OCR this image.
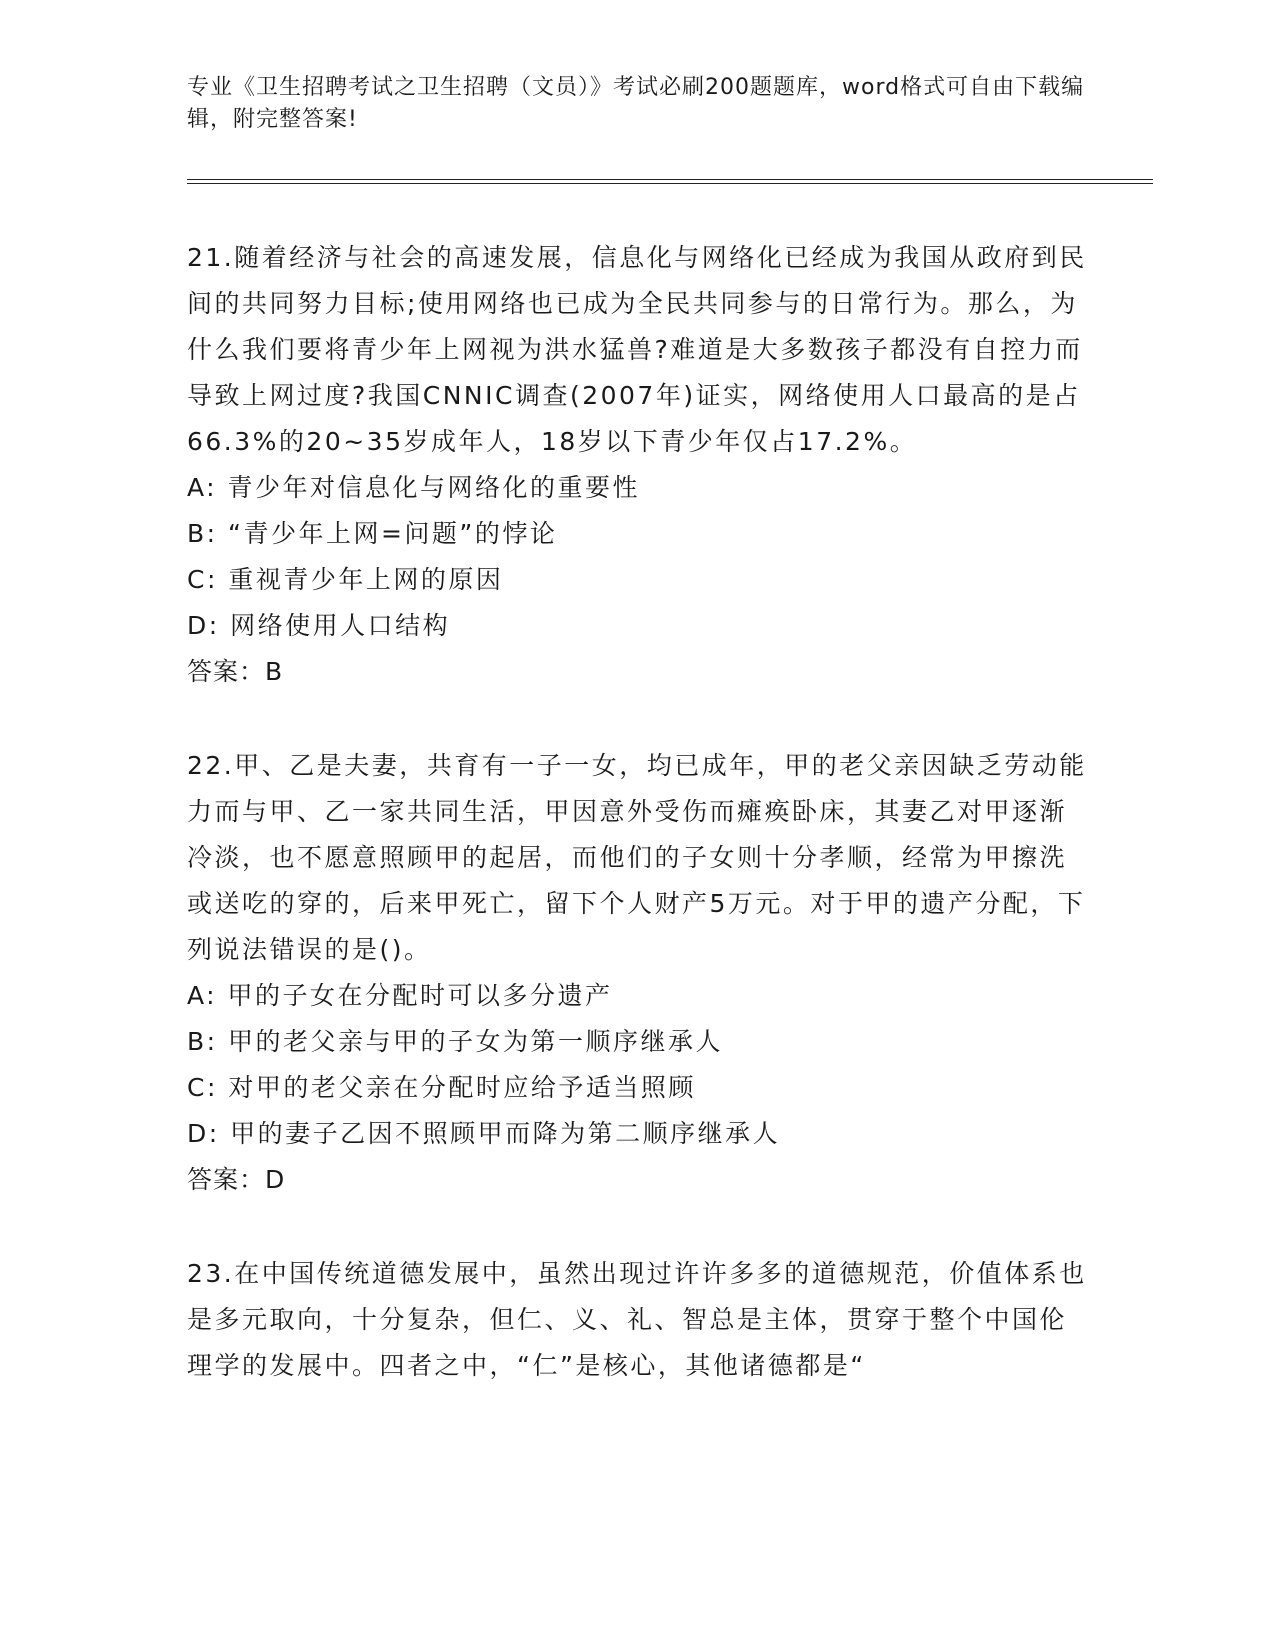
专业《卫生招聘考试之卫生招聘（文员）》考试必刷200题题库，word格式可自由下载编辑，附完整答案!

21.随着经济与社会的高速发展，信息化与网络化已经成为我国从政府到民间的共同努力目标;使用网络也已成为全民共同参与的日常行为。那么，为什么我们要将青少年上网视为洪水猛兽?难道是大多数孩子都没有自控力而导致上网过度?我国CNNIC调查(2007年)证实，网络使用人口最高的是占66.3%的20~35岁成年人，18岁以下青少年仅占17.2%。

A: 青少年对信息化与网络化的重要性

B: “青少年上网=问题”的悖论

C: 重视青少年上网的原因

D: 网络使用人口结构

答案：B

22.甲、乙是夫妻，共育有一子一女，均已成年，甲的老父亲因缺乏劳动能力而与甲、乙一家共同生活，甲因意外受伤而瘫痪卧床，其妻乙对甲逐渐冷淡，也不愿意照顾甲的起居，而他们的子女则十分孝顺，经常为甲擦洗或送吃的穿的，后来甲死亡，留下个人财产5万元。对于甲的遗产分配，下列说法错误的是()。

A: 甲的子女在分配时可以多分遗产

B: 甲的老父亲与甲的子女为第一顺序继承人

C: 对甲的老父亲在分配时应给予适当照顾

D: 甲的妻子乙因不照顾甲而降为第二顺序继承人

答案：D

23.在中国传统道德发展中，虽然出现过许许多多的道德规范，价值体系也是多元取向，十分复杂，但仁、义、礼、智总是主体，贯穿于整个中国伦理学的发展中。四者之中，“仁”是核心，其他诸德都是“
